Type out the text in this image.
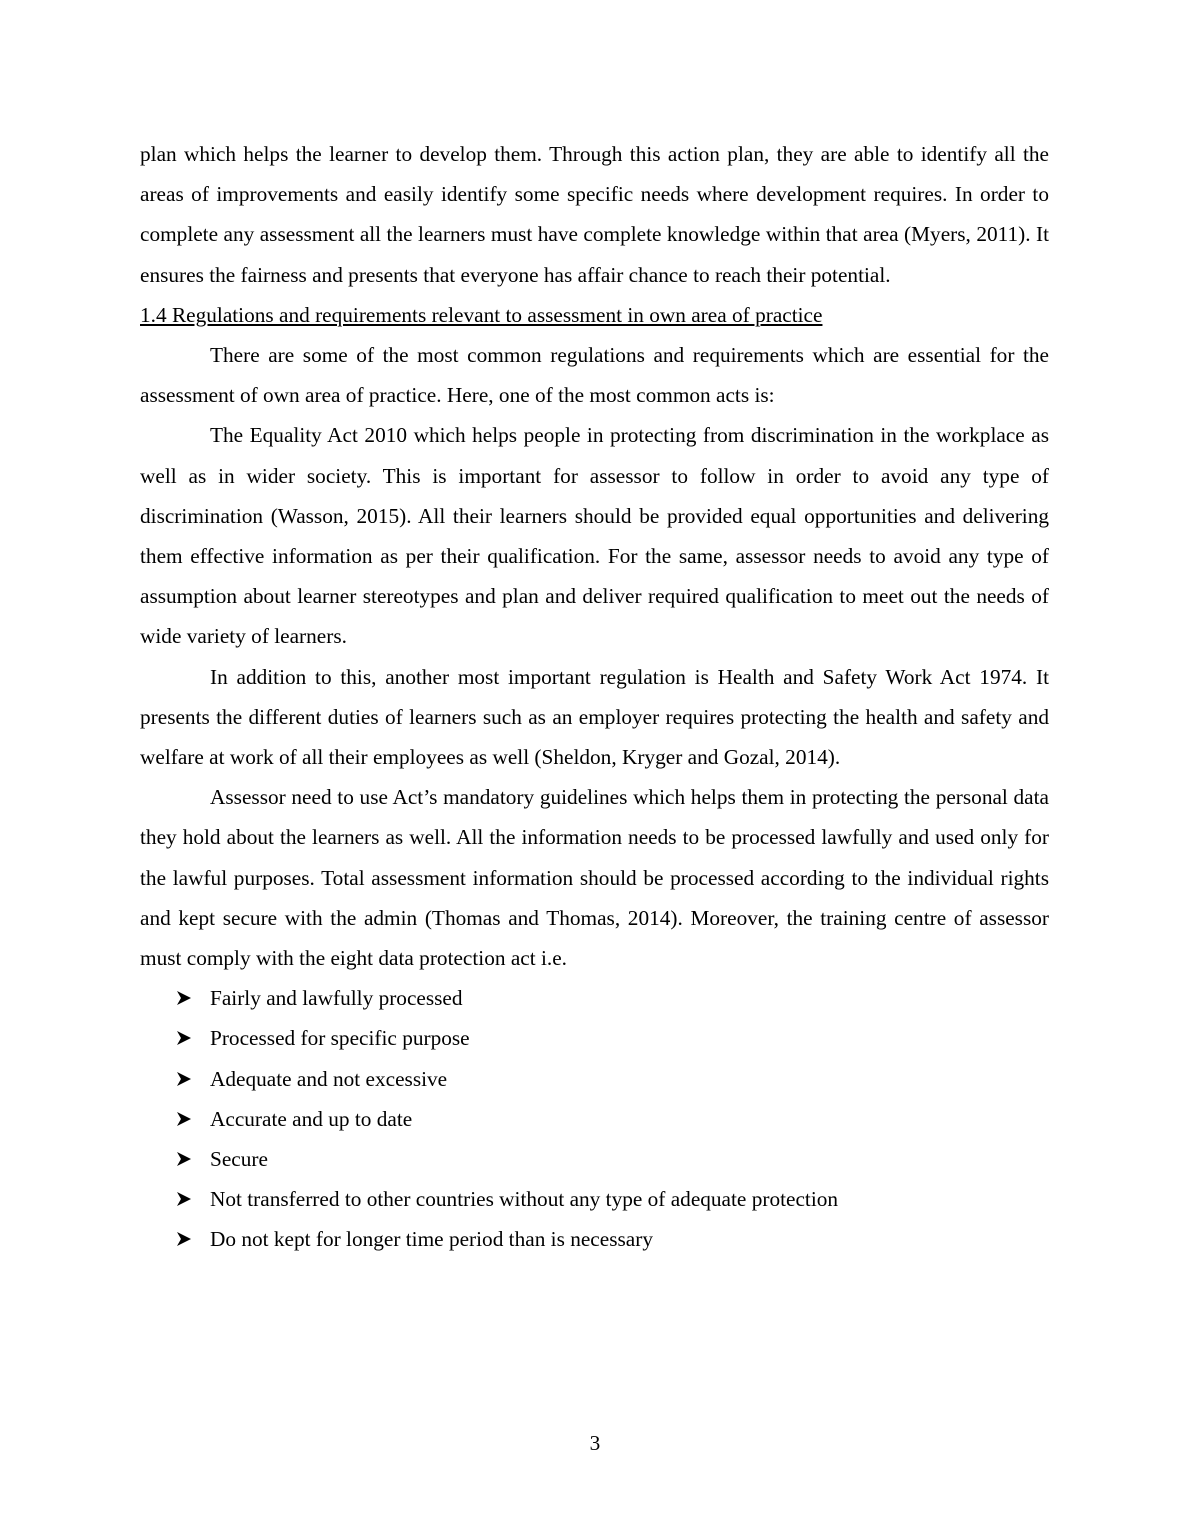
plan which helps the learner to develop them. Through this action plan, they are able to identify all the areas of improvements and easily identify some specific needs where development requires. In order to complete any assessment all the learners must have complete knowledge within that area (Myers, 2011). It ensures the fairness and presents that everyone has affair chance to reach their potential.

1.4 Regulations and requirements relevant to assessment in own area of practice

There are some of the most common regulations and requirements which are essential for the assessment of own area of practice. Here, one of the most common acts is:

The Equality Act 2010 which helps people in protecting from discrimination in the workplace as well as in wider society. This is important for assessor to follow in order to avoid any type of discrimination (Wasson, 2015). All their learners should be provided equal opportunities and delivering them effective information as per their qualification. For the same, assessor needs to avoid any type of assumption about learner stereotypes and plan and deliver required qualification to meet out the needs of wide variety of learners.

In addition to this, another most important regulation is Health and Safety Work Act 1974. It presents the different duties of learners such as an employer requires protecting the health and safety and welfare at work of all their employees as well (Sheldon, Kryger and Gozal, 2014).

Assessor need to use Act’s mandatory guidelines which helps them in protecting the personal data they hold about the learners as well. All the information needs to be processed lawfully and used only for the lawful purposes. Total assessment information should be processed according to the individual rights and kept secure with the admin (Thomas and Thomas, 2014). Moreover, the training centre of assessor must comply with the eight data protection act i.e.

Fairly and lawfully processed
Processed for specific purpose
Adequate and not excessive
Accurate and up to date
Secure
Not transferred to other countries without any type of adequate protection
Do not kept for longer time period than is necessary
3
